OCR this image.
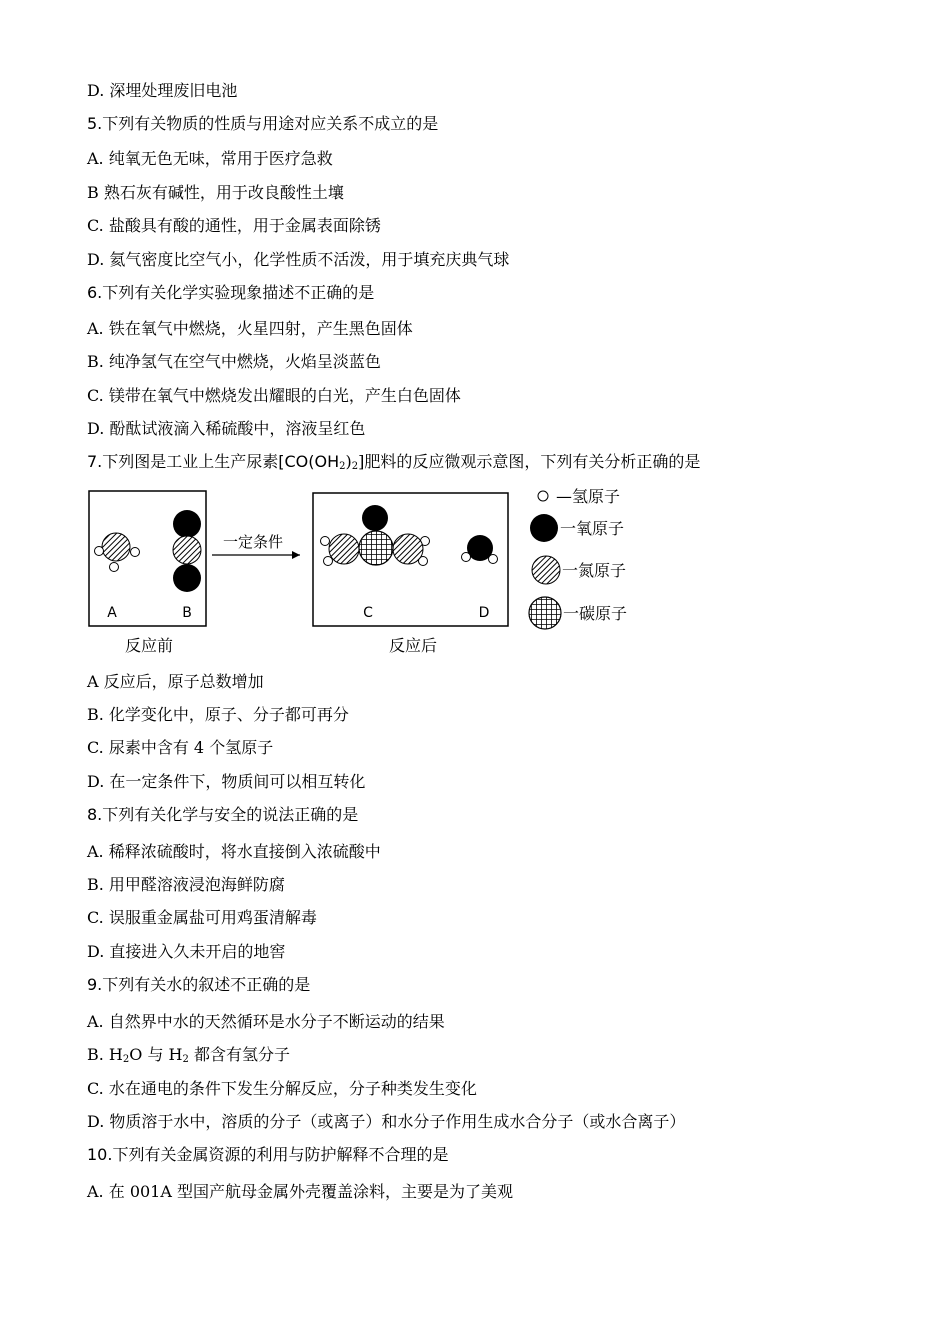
D. 深埋处理废旧电池
5.下列有关物质的性质与用途对应关系不成立的是
A. 纯氧无色无味，常用于医疗急救
B 熟石灰有碱性，用于改良酸性土壤
C. 盐酸具有酸的通性，用于金属表面除锈
D. 氦气密度比空气小，化学性质不活泼，用于填充庆典气球
6.下列有关化学实验现象描述不正确的是
A. 铁在氧气中燃烧，火星四射，产生黑色固体
B. 纯净氢气在空气中燃烧，火焰呈淡蓝色
C. 镁带在氧气中燃烧发出耀眼的白光，产生白色固体
D. 酚酞试液滴入稀硫酸中，溶液呈红色
7.下列图是工业上生产尿素$[CO(OH_2)_2]$肥料的反应微观示意图，下列有关分析正确的是
A	B
一定条件
C	D
反应前	反应后
—氢原子
一氧原子
一氮原子
一碳原子
A 反应后，原子总数增加
B. 化学变化中，原子、分子都可再分
C. 尿素中含有 4 个氢原子
D. 在一定条件下，物质间可以相互转化
8.下列有关化学与安全的说法正确的是
A. 稀释浓硫酸时，将水直接倒入浓硫酸中
B. 用甲醛溶液浸泡海鲜防腐
C. 误服重金属盐可用鸡蛋清解毒
D. 直接进入久未开启的地窖
9.下列有关水的叙述不正确的是
A. 自然界中水的天然循环是水分子不断运动的结果
B. $H_2O$ 与 $H_2$ 都含有氢分子
C. 水在通电的条件下发生分解反应，分子种类发生变化
D. 物质溶于水中，溶质的分子（或离子）和水分子作用生成水合分子（或水合离子）
10.下列有关金属资源的利用与防护解释不合理的是
A. 在 001A 型国产航母金属外壳覆盖涂料，主要是为了美观
